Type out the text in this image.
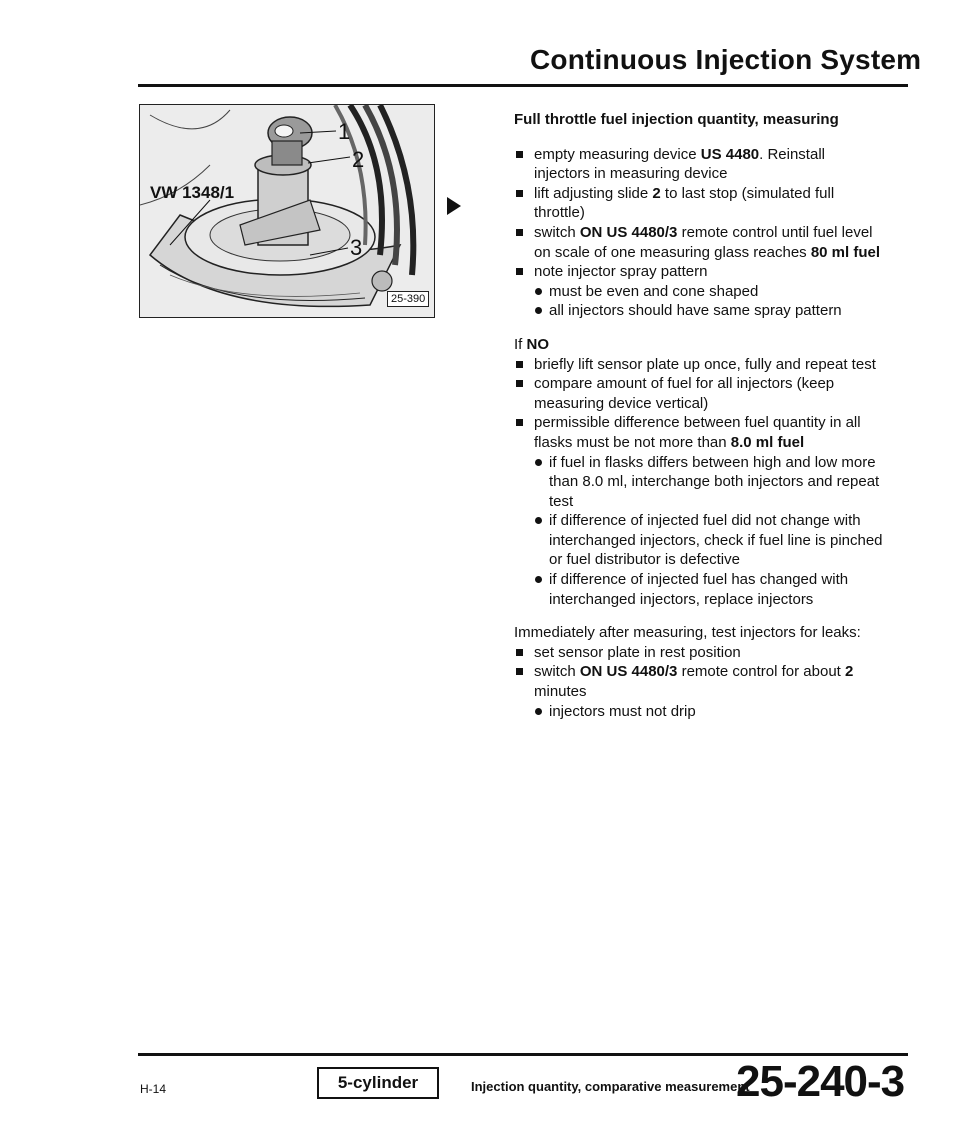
Continuous Injection System
VW 1348/1
1
2
3
25-390
Full throttle fuel injection quantity, measuring
empty measuring device US 4480. Reinstall injectors in measuring device
lift adjusting slide 2 to last stop (simulated full throttle)
switch ON US 4480/3 remote control until fuel level on scale of one measuring glass reaches 80 ml fuel
note injector spray pattern
must be even and cone shaped
all injectors should have same spray pattern
If NO
briefly lift sensor plate up once, fully and repeat test
compare amount of fuel for all injectors (keep measuring device vertical)
permissible difference between fuel quantity in all flasks must be not more than 8.0 ml fuel
if fuel in flasks differs between high and low more than 8.0 ml, interchange both injectors and repeat test
if difference of injected fuel did not change with interchanged injectors, check if fuel line is pinched or fuel distributor is defective
if difference of injected fuel has changed with interchanged injectors, replace injectors
Immediately after measuring, test injectors for leaks:
set sensor plate in rest position
switch ON US 4480/3 remote control for about 2 minutes
injectors must not drip
H-14	5-cylinder	Injection quantity, comparative measurement
25-240-3
